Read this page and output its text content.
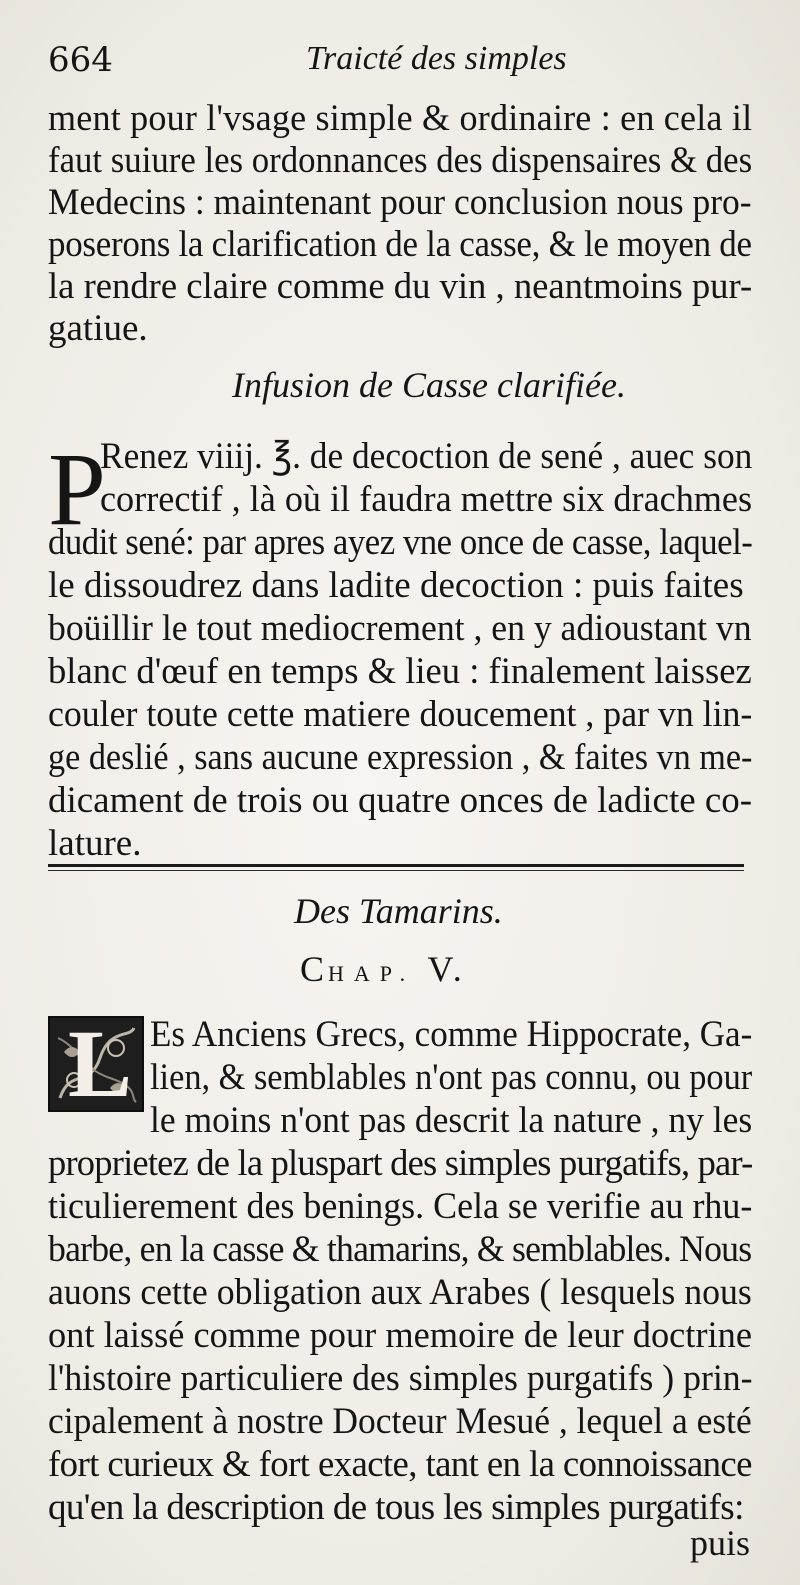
664	Traicté des simples
ment pour l'vsage simple & ordinaire : en cela il
faut suiure les ordonnances des dispensaires & des
Medecins : maintenant pour conclusion nous pro-
poserons la clarification de la casse, & le moyen de
la rendre claire comme du vin , neantmoins pur-
gatiue.
Infusion de Casse clarifiée.
P
Renez viiij. ℥. de decoction de sené , auec son
correctif , là où il faudra mettre six drachmes
dudit sené: par apres ayez vne once de casse, laquel-
le dissoudrez dans ladite decoction : puis faites
boüillir le tout mediocrement , en y adioustant vn
blanc d'œuf en temps & lieu : finalement laissez
couler toute cette matiere doucement , par vn lin-
ge deslié , sans aucune expression , & faites vn me-
dicament de trois ou quatre onces de ladicte co-
lature.
Des Tamarins.
CHAP. V.
L Es Anciens Grecs, comme Hippocrate, Ga-
lien, & semblables n'ont pas connu, ou pour
le moins n'ont pas descrit la nature , ny les
proprietez de la pluspart des simples purgatifs, par-
ticulierement des benings. Cela se verifie au rhu-
barbe, en la casse & thamarins, & semblables. Nous
auons cette obligation aux Arabes ( lesquels nous
ont laissé comme pour memoire de leur doctrine
l'histoire particuliere des simples purgatifs ) prin-
cipalement à nostre Docteur Mesué , lequel a esté
fort curieux & fort exacte, tant en la connoissance
qu'en la description de tous les simples purgatifs:
puis
